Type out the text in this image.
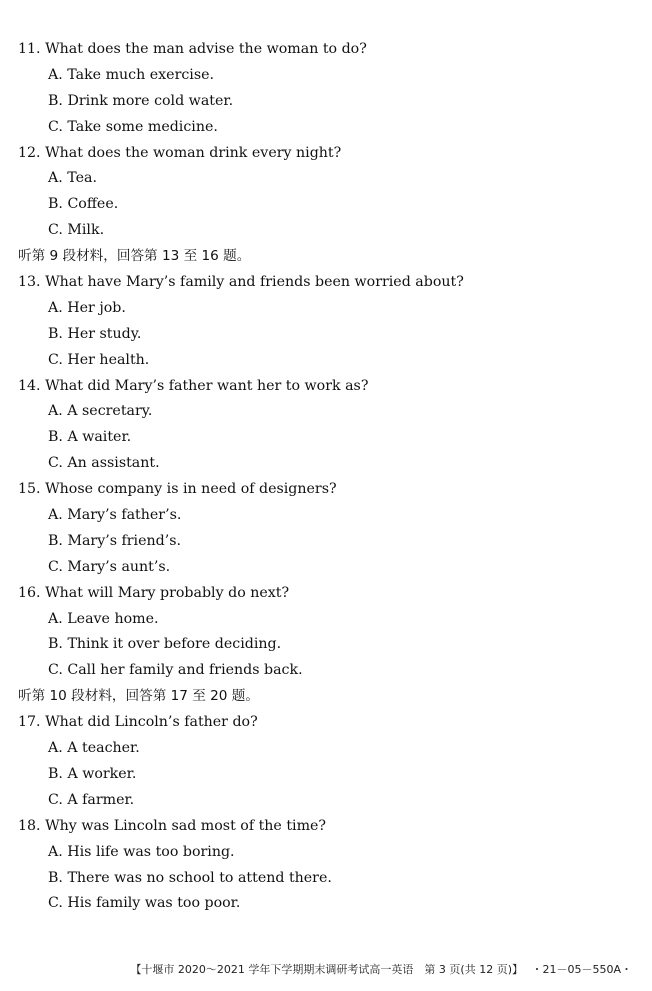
11. What does the man advise the woman to do?
A. Take much exercise.
B. Drink more cold water.
C. Take some medicine.
12. What does the woman drink every night?
A. Tea.
B. Coffee.
C. Milk.
听第 9 段材料，回答第 13 至 16 题。
13. What have Mary’s family and friends been worried about?
A. Her job.
B. Her study.
C. Her health.
14. What did Mary’s father want her to work as?
A. A secretary.
B. A waiter.
C. An assistant.
15. Whose company is in need of designers?
A. Mary’s father’s.
B. Mary’s friend’s.
C. Mary’s aunt’s.
16. What will Mary probably do next?
A. Leave home.
B. Think it over before deciding.
C. Call her family and friends back.
听第 10 段材料，回答第 17 至 20 题。
17. What did Lincoln’s father do?
A. A teacher.
B. A worker.
C. A farmer.
18. Why was Lincoln sad most of the time?
A. His life was too boring.
B. There was no school to attend there.
C. His family was too poor.
【十堰市 2020～2021 学年下学期期末调研考试高一英语　第 3 页(共 12 页)】 ・21－05－550A・
